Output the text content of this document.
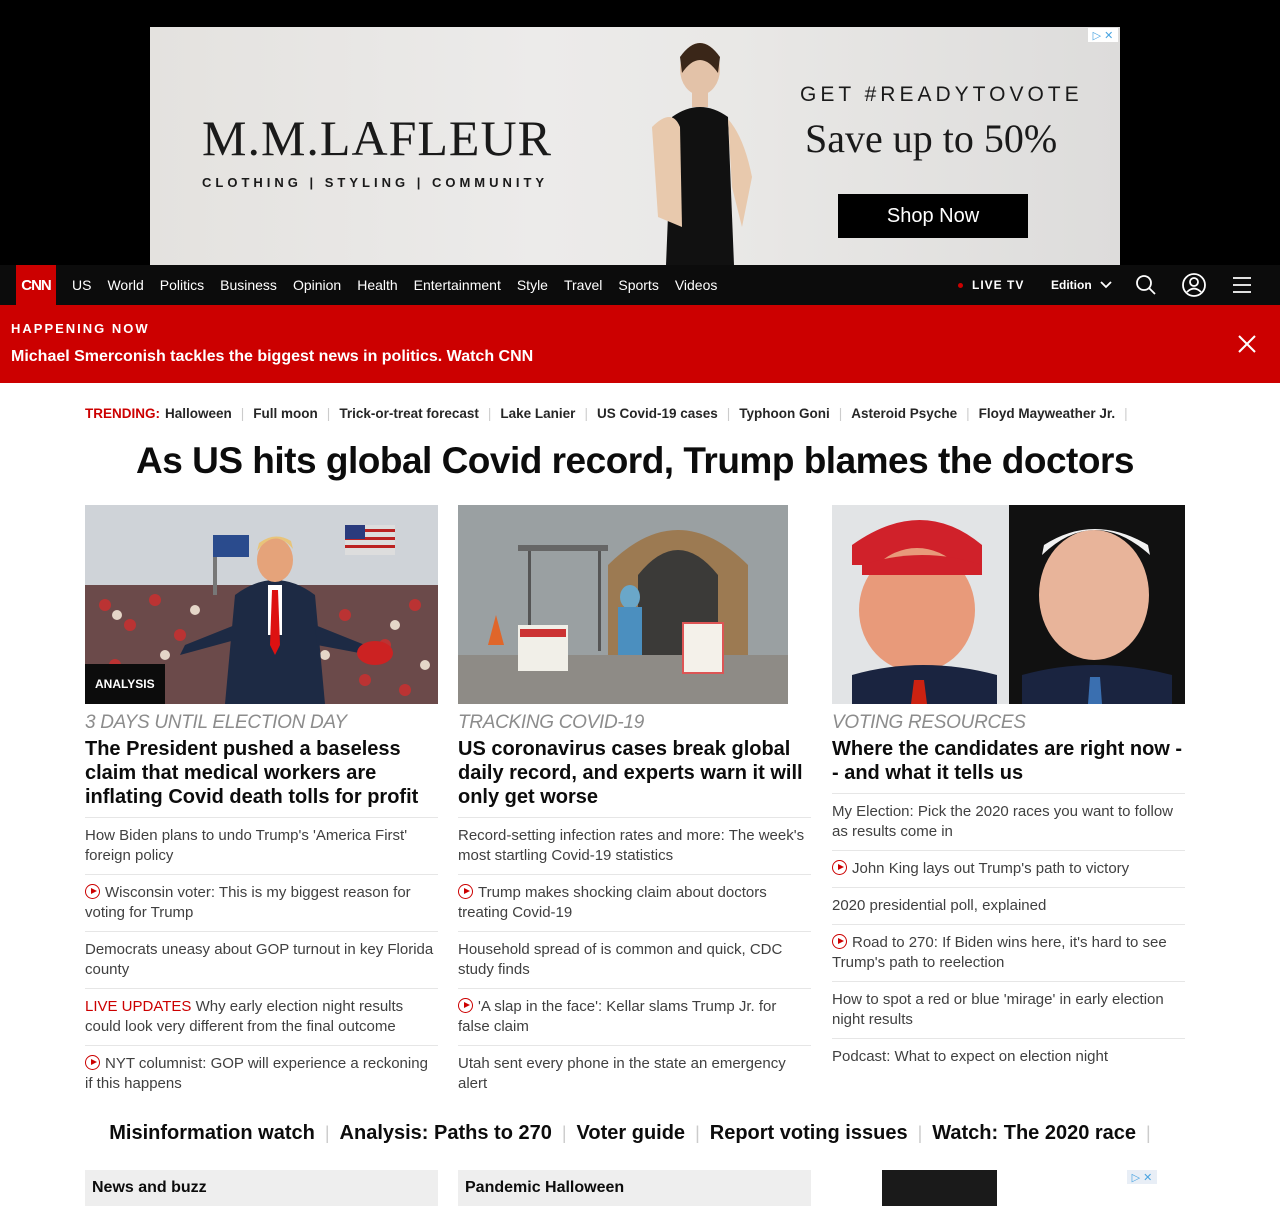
M.M.LAFLEUR
CLOTHING | STYLING | COMMUNITY
GET #READYTOVOTE
Save up to 50%
Shop Now
▷ ✕
CNN	US World Politics Business Opinion Health Entertainment Style Travel Sports Videos	LIVE TV Edition
HAPPENING NOW
Michael Smerconish tackles the biggest news in politics. Watch CNN
TRENDING: Halloween | Full moon | Trick-or-treat forecast | Lake Lanier | US Covid-19 cases | Typhoon Goni | Asteroid Psyche | Floyd Mayweather Jr. |
As US hits global Covid record, Trump blames the doctors
ANALYSIS
3 DAYS UNTIL ELECTION DAY
The President pushed a baseless claim that medical workers are inflating Covid death tolls for profit
How Biden plans to undo Trump's 'America First' foreign policy
Wisconsin voter: This is my biggest reason for voting for Trump
Democrats uneasy about GOP turnout in key Florida county
LIVE UPDATES Why early election night results could look very different from the final outcome
NYT columnist: GOP will experience a reckoning if this happens
TRACKING COVID-19
US coronavirus cases break global daily record, and experts warn it will only get worse
Record-setting infection rates and more: The week's most startling Covid-19 statistics
Trump makes shocking claim about doctors treating Covid-19
Household spread of is common and quick, CDC study finds
'A slap in the face': Kellar slams Trump Jr. for false claim
Utah sent every phone in the state an emergency alert
VOTING RESOURCES
Where the candidates are right now -- and what it tells us
My Election: Pick the 2020 races you want to follow as results come in
John King lays out Trump's path to victory
2020 presidential poll, explained
Road to 270: If Biden wins here, it's hard to see Trump's path to reelection
How to spot a red or blue 'mirage' in early election night results
Podcast: What to expect on election night
Misinformation watch | Analysis: Paths to 270 | Voter guide | Report voting issues | Watch: The 2020 race |
News and buzz	Pandemic Halloween
▷ ✕
